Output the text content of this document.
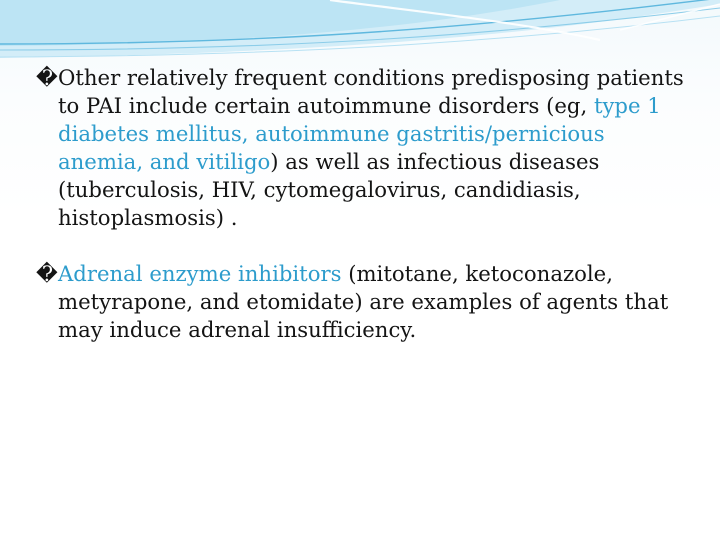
�Other relatively frequent conditions predisposing patients to PAI include certain autoimmune disorders (eg, type 1 diabetes mellitus, autoimmune gastritis/pernicious anemia, and vitiligo) as well as infectious diseases (tuberculosis, HIV, cytomegalovirus, candidiasis, histoplasmosis) .

�Adrenal enzyme inhibitors (mitotane, ketoconazole, metyrapone, and etomidate) are examples of agents that may induce adrenal insufficiency.
